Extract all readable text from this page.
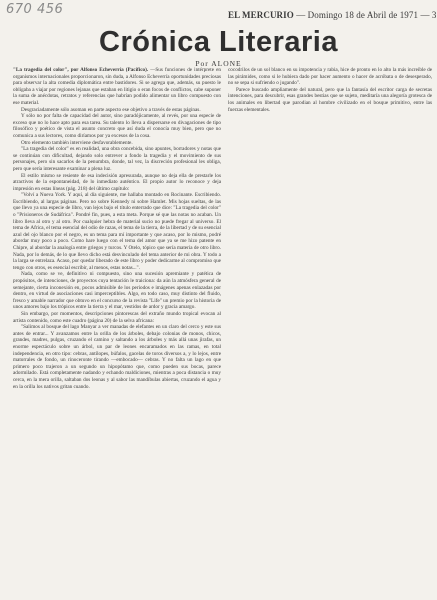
670 456	EL MERCURIO — Domingo 18 de Abril de 1971 — 3
Crónica Literaria
Por ALONE

"La tragedia del color", por Alfonso Echeverría (Pacífico). —Sus funciones de intérprete en organismos internacionales proporcionaron, sin duda, a Alfonso Echeverría oportunidades preciosas para observar la alta comedia diplomática entre bastidores. Si se agrega que, además, su puesto le obligaba a viajar por regiones lejanas que estaban en litigio o eran focos de conflictos, cabe suponer la suma de anécdotas, retratos y referencias que habrían podido alimentar un libro compuesto con ese material.

Desgraciadamente sólo asoman en parte aspecto ese objetivo a través de estas páginas.

Y sólo no por falta de capacidad del autor, sino paradójicamente, al revés, por una especie de exceso que no lo hace apto para esa tarea. Su talento lo lleva a dispersarse en divagaciones de tipo filosófico y poético de vista el asunto concreto que así duda el conocía muy bien, pero que no comunica a sus lectores, como diríamos por ya excesos de la cosa.

Otro elemento también interviene desfavorablemente.

"La tragedia del color" es en realidad, una obra concebida, sino apuntes, borradores y notas que se continúan con dificultad, dejando solo entrever a fondo la tragedia y el movimiento de sus personajes, pero sin sacarlos de la penumbra, donde, tal vez, la discreción profesional les obliga, pero que sería interesante examinar a plena luz.

El estilo mismo se resiente de esa indecisión apresurada, aunque no deja ella de prestarle los atractivos de la espontaneidad, de lo inmediato auténtico. El propio autor lo reconoce y deja impresión en estas líneas (pág. 218) del último capítulo:

"Volví a Nueva York. Y aquí, al día siguiente, me hallaba montado en Rocinante. Escribiendo. Escribiendo, al largas páginas. Pero no sobre Kennedy ni sobre Hamlet. Mis hojas sueltas, de las que llevo ya una especie de libro, van lejos bajo el título enterrado que dice: "La tragedia del color" o "Prisioneros de Sudáfrica". Pondré fin, pues, a esta meta. Porque sé que las notas no acaban. Un libro lleva al otro y al otro. Por cualquier hebra de material sucio no puede fregar al universo. El tema de Africa, el tema esencial del odio de razas, el tema de la tierra, de la libertad y de su esencial azul del ojo blanco por el negro, es un tema para mí importante y que acaso, por lo mismo, podré abordar muy poco a poco. Como hare luego con el tema del amor que ya se me hizo patente en Chipre, al abordar la analogía entre griegos y turcos. Y Otelo, tópico que sería materia de otro libro. Nada, por lo demás, de lo que llevo dicho está desvinculado del tema anterior de mi obra. Y todo a la larga se entrelaza. Acaso, por quedar liberado de este libro y poder dedicarme al compromiso que tengo con otros, es esencial escribir, al menos, estas notas...".

Nada, como se ve, definitivo ni compuesto, sino una sucesión apremiante y patética de propósitos, de intenciones, de proyectos cuya tentación le traiciona: da aún la atmósfera general de semejante, cierta inconexión en, pocos admisible de los periodos e imágenes apenas enlazadas por dentro, en virtud de asociaciones casi imperceptibles. Algo, en todo caso, muy distinto del fluido, fresco y amable narrador que obtuvo en el concurso de la revista "Life" un premio por la historia de unos amores bajo los trópicos entre la tierra y el mar, vestidos de ardor y gracia amargo.

Sin embargo, por momentos, descripciones pintorescas del extraño mundo tropical evocan al artista contenido, como este cuadro (página 20) de la selva africana:

"Salimos al bosque del lago Manyar a ver manadas de elefantes en un claro del cerco y este sus antes de entrar... Y avanzamos entre la orilla de los árboles, debajo colonias de monos, chicos, grandes, madres, pulgas, cruzando el camino y saltando a los árboles y más allá unas jirafas, un enorme espectáculo sobre un árbol, un par de leones encaramados en las ramas, en total independencia, en otro tipo: cebras, antílopes, búfalos, gacelas de toros diversos a, y lo lejos, entre matorrales de fondo, un rinoceronte tirando —embocado— cebras. Y no falta un lago en que primero poco trajeron a un segundo un hipopótamo que, como pueden sus bocas, parece adormilado. Está completamente nadando y echando maldiciones, mientras a poca distancia o muy cerca, en la mera orilla, saltaban dos leonas y al sabor las mandíbulas abiertas, cruzando el agua y en la orilla los nativos gritan cuando.

cocodrilos de un sol blanco en su impotencia y rabia, hice de pronto en lo alto la más increíble de las pirámides, como si le hubiera dado por hacer aumento o hacer de acróbata o de desesperado, no se sepa si sufriendo o jugando".

Parece buscado ampliamente del natural, pero que la fantasía del escritor carga de secretas intenciones, para descubrir, esas grandes bestias que se sujeto, meditaría una alegoría grotesca de los animales en libertad que parodian al hombre civilizado en el bosque primitivo, entre las fuerzas elementales.
